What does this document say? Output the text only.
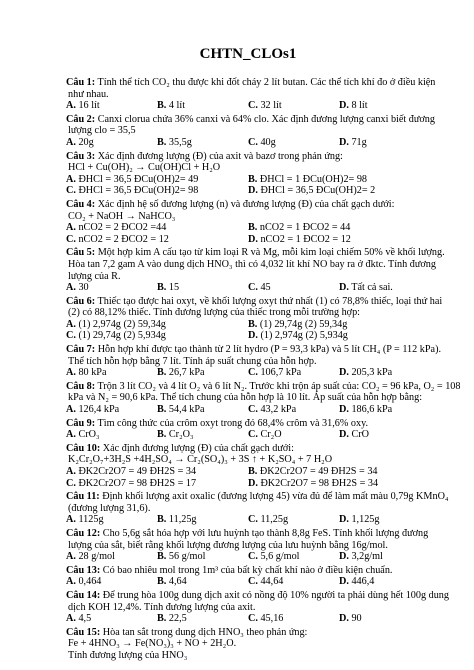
CHTN_CLOs1
Câu 1: Tính thể tích CO₂ thu được khi đốt cháy 2 lít butan. Các thể tích khí đo ở điều kiện
như nhau.
A. 16 lít	B. 4 lít	C. 32 lít	D. 8 lít
Câu 2: Canxi clorua chứa 36% canxi và 64% clo. Xác định đương lượng canxi biết đương
lượng clo = 35,5
A. 20g	B. 35,5g	C. 40g	D. 71g
Câu 3: Xác định đương lượng (Đ) của axit và bazơ trong phản ứng:
HCl + Cu(OH)₂ → Cu(OH)Cl + H₂O
A. ĐHCl = 36,5 ĐCu(OH)2= 49	B. ĐHCl = 1 ĐCu(OH)2= 98
C. ĐHCl = 36,5 ĐCu(OH)2= 98	D. ĐHCl = 36,5 ĐCu(OH)2= 2
Câu 4: Xác định hệ số đương lượng (n) và đương lượng (Đ) của chất gạch dưới:
CO₂ + NaOH → NaHCO₃
A. nCO2 = 2 ĐCO2 =44	B. nCO2 = 1 ĐCO2 = 44
C. nCO2 = 2 ĐCO2 = 12	D. nCO2 = 1 ĐCO2 = 12
Câu 5: Một hợp kim A cấu tạo từ kim loại R và Mg, mỗi kim loại chiếm 50% về khối lượng.
Hòa tan 7,2 gam A vào dung dịch HNO₃ thì có 4,032 lít khí NO bay ra ở đktc. Tính đương
lượng của R.
A. 30	B. 15	C. 45	D. Tất cả sai.
Câu 6: Thiếc tạo được hai oxyt, về khối lượng oxyt thứ nhất (1) có 78,8% thiếc, loại thứ hai
(2) có 88,12% thiếc. Tính đương lượng của thiếc trong mỗi trường hợp:
A. (1) 2,974g (2) 59,34g	B. (1) 29,74g (2) 59,34g
C. (1) 29,74g (2) 5,934g	D. (1) 2,974g (2) 5,934g
Câu 7: Hỗn hợp khí được tạo thành từ 2 lít hydro (P = 93,3 kPa) và 5 lít CH₄ (P = 112 kPa).
Thể tích hỗn hợp bằng 7 lít. Tính áp suất chung của hỗn hợp.
A. 80 kPa	B. 26,7 kPa	C. 106,7 kPa	D. 205,3 kPa
Câu 8: Trộn 3 lít CO₂ và 4 lít O₂ và 6 lít N₂. Trước khi trộn áp suất của: CO₂ = 96 kPa, O₂ = 108
kPa và N₂ = 90,6 kPa. Thể tích chung của hỗn hợp là 10 lít. Áp suất của hỗn hợp bằng:
A. 126,4 kPa	B. 54,4 kPa	C. 43,2 kPa	D. 186,6 kPa
Câu 9: Tìm công thức của crôm oxyt trong đó 68,4% crôm và 31,6% oxy.
A. CrO₃	B. Cr₂O₃	C. Cr₂O	D. CrO
Câu 10: Xác định đương lượng (Đ) của chất gạch dưới:
K₂Cr₂O₇+3H₂S +4H₂SO₄ → Cr₂(SO₄)₃ + 3S ↑ + K₂SO₄ + 7 H₂O
A. ĐK2Cr2O7 = 49 ĐH2S = 34	B. ĐK2Cr2O7 = 49 ĐH2S = 34
C. ĐK2Cr2O7 = 98 ĐH2S = 17	D. ĐK2Cr2O7 = 98 ĐH2S = 34
Câu 11: Định khối lượng axit oxalic (đương lượng 45) vừa đủ để làm mất màu 0,79g KMnO₄
(đương lượng 31,6).
A. 1125g	B. 11,25g	C. 11,25g	D. 1,125g
Câu 12: Cho 5,6g sắt hóa hợp với lưu huỳnh tạo thành 8,8g FeS. Tính khối lượng đương
lượng của sắt, biết rằng khối lượng đương lượng của lưu huỳnh bằng 16g/mol.
A. 28 g/mol	B. 56 g/mol	C. 5,6 g/mol	D. 3,2g/ml
Câu 13: Có bao nhiêu mol trong 1m³ của bất kỳ chất khí nào ở điều kiện chuẩn.
A. 0,464	B. 4,64	C. 44,64	D. 446,4
Câu 14: Để trung hòa 100g dung dịch axit có nồng độ 10% người ta phải dùng hết 100g dung
dịch KOH 12,4%. Tính đương lượng của axit.
A. 4,5	B. 22,5	C. 45,16	D. 90
Câu 15: Hòa tan sắt trong dung dịch HNO₃ theo phản ứng:
Fe + 4HNO₃ → Fe(NO₃)₃ + NO + 2H₂O.
Tính đương lượng của HNO₃
